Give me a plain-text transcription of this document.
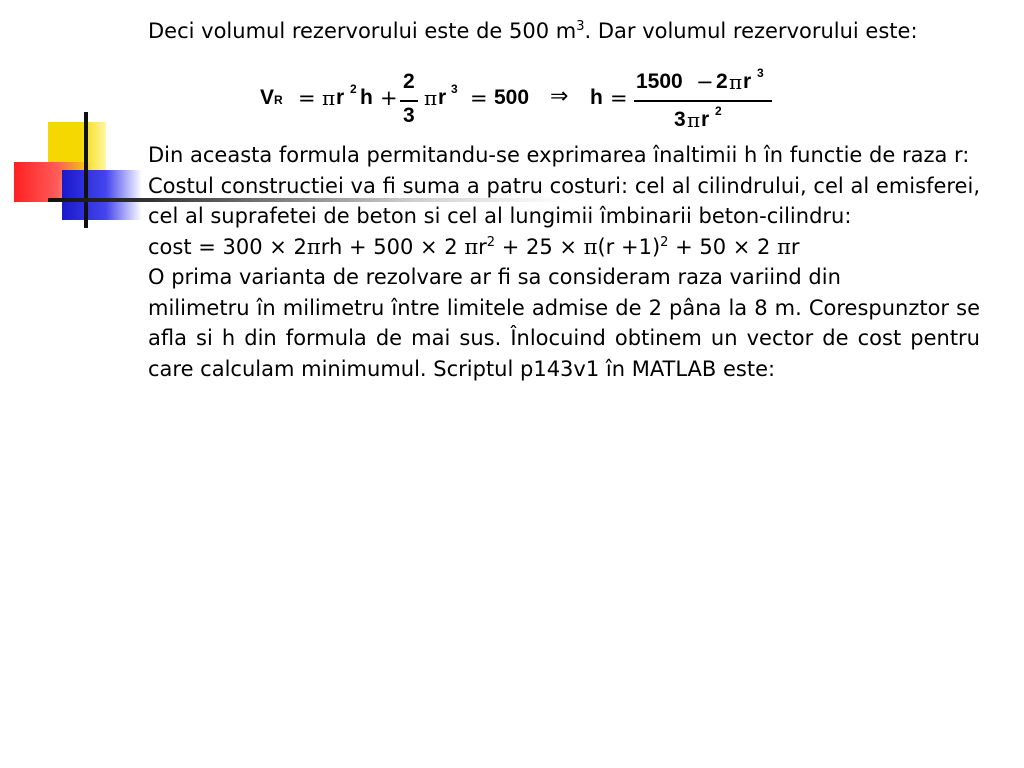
Deci volumul rezervorului este de 500 $m^3$. Dar volumul rezervorului este:
VR = π r 2 h +
2
3
π r 3 = 500 ⇒ h =
1500 − 2 π r 3
3 π r 2
Din aceasta formula permitandu-se exprimarea înaltimii h în functie de raza r:
Costul constructiei va fi suma a patru costuri: cel al cilindrului, cel al emisferei, cel al suprafetei de beton si cel al lungimii îmbinarii beton-cilindru:
cost = 300 × 2πrh + 500 × 2 $\pi r^2 + 25 \times \pi(r +1)^2 + 50 \times 2$ πr
O prima varianta de rezolvare ar fi sa consideram raza variind din
milimetru în milimetru între limitele admise de 2 pâna la 8 m. Corespunztor se afla si h din formula de mai sus. Înlocuind obtinem un vector de cost pentru care calculam minimumul. Scriptul p143v1 în MATLAB este:
